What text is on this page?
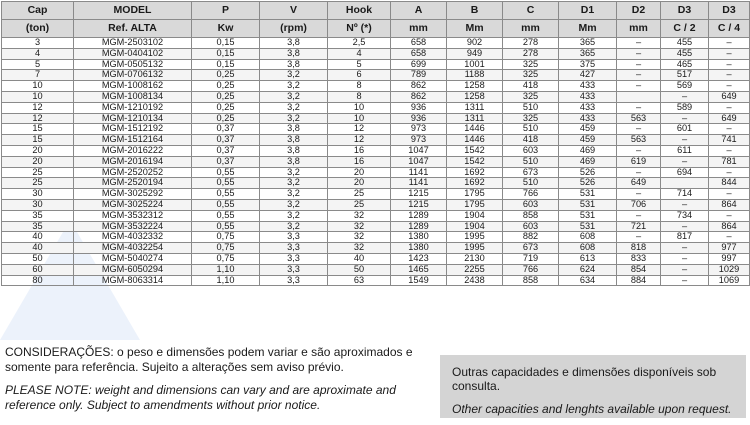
Cap	MODEL	P	V	Hook	A	B	C	D1	D2	D3	D3
(ton)	Ref. ALTA	Kw	(rpm)	Nº (*)	mm	Mm	mm	Mm	mm	C / 2	C / 4
3	MGM-2503102	0,15	3,8	2,5	658	902	278	365	–	455	–
4	MGM-0404102	0,15	3,8	4	658	949	278	365	–	455	–
5	MGM-0505132	0,15	3,8	5	699	1001	325	375	–	465	–
7	MGM-0706132	0,25	3,2	6	789	1188	325	427	–	517	–
10	MGM-1008162	0,25	3,2	8	862	1258	418	433	–	569	–
10	MGM-1008134	0,25	3,2	8	862	1258	325	433		–	649
12	MGM-1210192	0,25	3,2	10	936	1311	510	433	–	589	–
12	MGM-1210134	0,25	3,2	10	936	1311	325	433	563	–	649
15	MGM-1512192	0,37	3,8	12	973	1446	510	459	–	601	–
15	MGM-1512164	0,37	3,8	12	973	1446	418	459	563	–	741
20	MGM-2016222	0,37	3,8	16	1047	1542	603	469	–	611	–
20	MGM-2016194	0,37	3,8	16	1047	1542	510	469	619	–	781
25	MGM-2520252	0,55	3,2	20	1141	1692	673	526	–	694	–
25	MGM-2520194	0,55	3,2	20	1141	1692	510	526	649		844
30	MGM-3025292	0,55	3,2	25	1215	1795	766	531	–	714	–
30	MGM-3025224	0,55	3,2	25	1215	1795	603	531	706	–	864
35	MGM-3532312	0,55	3,2	32	1289	1904	858	531	–	734	–
35	MGM-3532224	0,55	3,2	32	1289	1904	603	531	721	–	864
40	MGM-4032332	0,75	3,3	32	1380	1995	882	608	–	817	–
40	MGM-4032254	0,75	3,3	32	1380	1995	673	608	818	–	977
50	MGM-5040274	0,75	3,3	40	1423	2130	719	613	833	–	997
60	MGM-6050294	1,10	3,3	50	1465	2255	766	624	854	–	1029
80	MGM-8063314	1,10	3,3	63	1549	2438	858	634	884	–	1069

CONSIDERAÇÕES: o peso e dimensões podem variar e são aproximados e somente para referência. Sujeito a alterações sem aviso prévio.

PLEASE NOTE: weight and dimensions can vary and are aproximate and reference only. Subject to amendments without prior notice.

Outras capacidades e dimensões disponíveis sob consulta.

Other capacities and lenghts available upon request.
